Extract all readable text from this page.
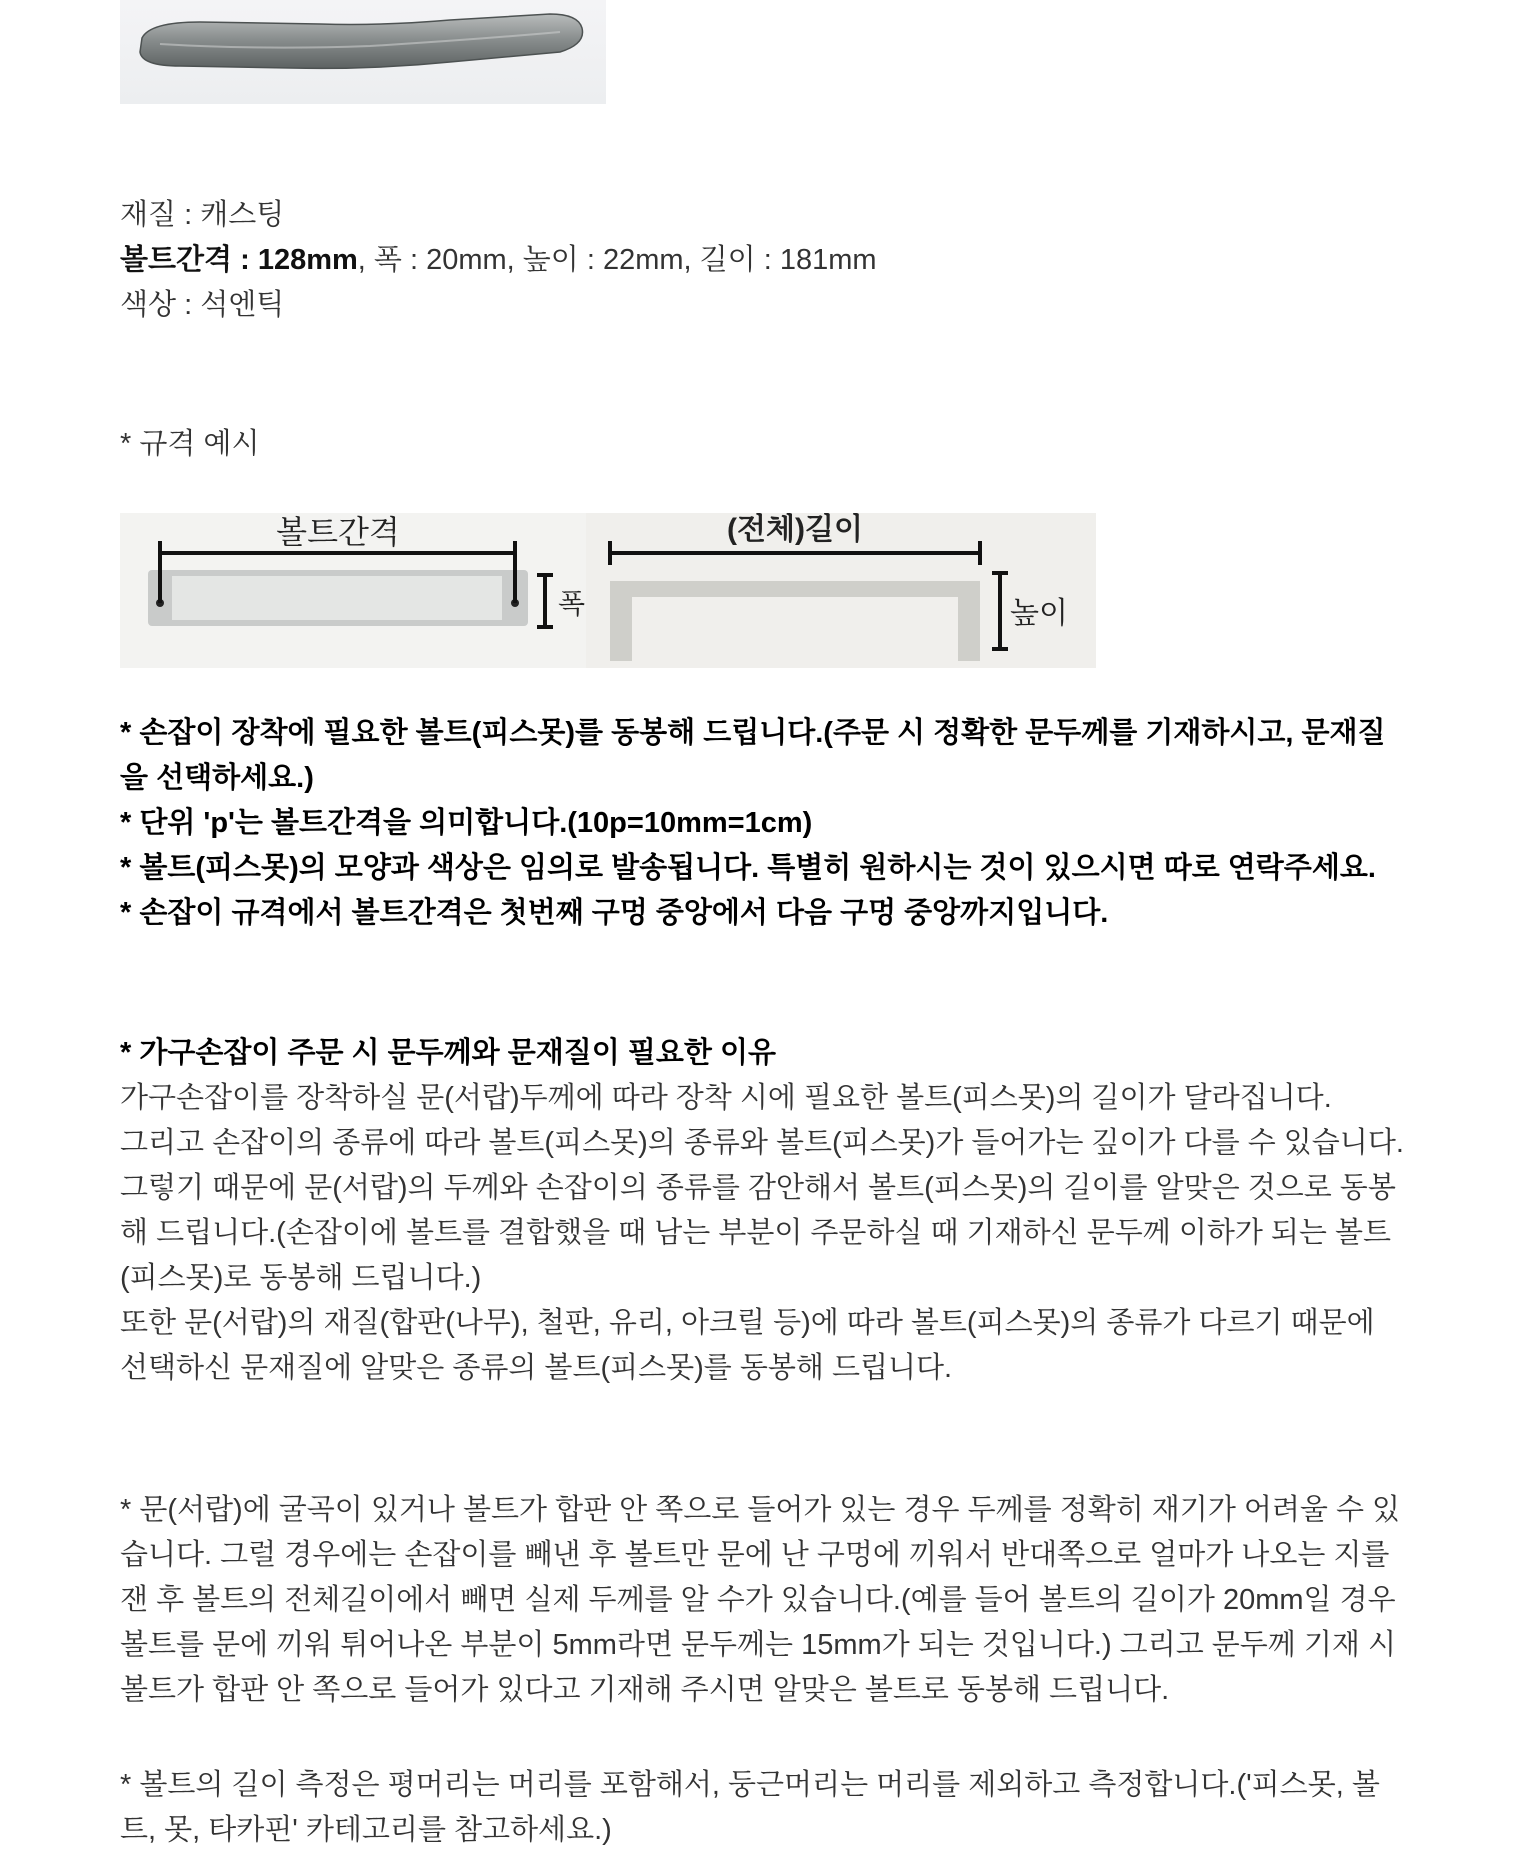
재질 : 캐스팅
볼트간격 : 128mm, 폭 : 20mm, 높이 : 22mm, 길이 : 181mm
색상 : 석엔틱
* 규격 예시
볼트간격
폭
(전체)길이
높이

* 손잡이 장착에 필요한 볼트(피스못)를 동봉해 드립니다.(주문 시 정확한 문두께를 기재하시고, 문재질을 선택하세요.)

* 단위 'p'는 볼트간격을 의미합니다.(10p=10mm=1cm)

* 볼트(피스못)의 모양과 색상은 임의로 발송됩니다. 특별히 원하시는 것이 있으시면 따로 연락주세요.

* 손잡이 규격에서 볼트간격은 첫번째 구멍 중앙에서 다음 구멍 중앙까지입니다.

* 가구손잡이 주문 시 문두께와 문재질이 필요한 이유

가구손잡이를 장착하실 문(서랍)두께에 따라 장착 시에 필요한 볼트(피스못)의 길이가 달라집니다.

그리고 손잡이의 종류에 따라 볼트(피스못)의 종류와 볼트(피스못)가 들어가는 깊이가 다를 수 있습니다.

그렇기 때문에 문(서랍)의 두께와 손잡이의 종류를 감안해서 볼트(피스못)의 길이를 알맞은 것으로 동봉해 드립니다.(손잡이에 볼트를 결합했을 때 남는 부분이 주문하실 때 기재하신 문두께 이하가 되는 볼트(피스못)로 동봉해 드립니다.)

또한 문(서랍)의 재질(합판(나무), 철판, 유리, 아크릴 등)에 따라 볼트(피스못)의 종류가 다르기 때문에 선택하신 문재질에 알맞은 종류의 볼트(피스못)를 동봉해 드립니다.

* 문(서랍)에 굴곡이 있거나 볼트가 합판 안 쪽으로 들어가 있는 경우 두께를 정확히 재기가 어려울 수 있습니다. 그럴 경우에는 손잡이를 빼낸 후 볼트만 문에 난 구멍에 끼워서 반대쪽으로 얼마가 나오는 지를 잰 후 볼트의 전체길이에서 빼면 실제 두께를 알 수가 있습니다.(예를 들어 볼트의 길이가 20mm일 경우 볼트를 문에 끼워 튀어나온 부분이 5mm라면 문두께는 15mm가 되는 것입니다.) 그리고 문두께 기재 시 볼트가 합판 안 쪽으로 들어가 있다고 기재해 주시면 알맞은 볼트로 동봉해 드립니다.
* 볼트의 길이 측정은 평머리는 머리를 포함해서, 둥근머리는 머리를 제외하고 측정합니다.('피스못, 볼트, 못, 타카핀' 카테고리를 참고하세요.)
